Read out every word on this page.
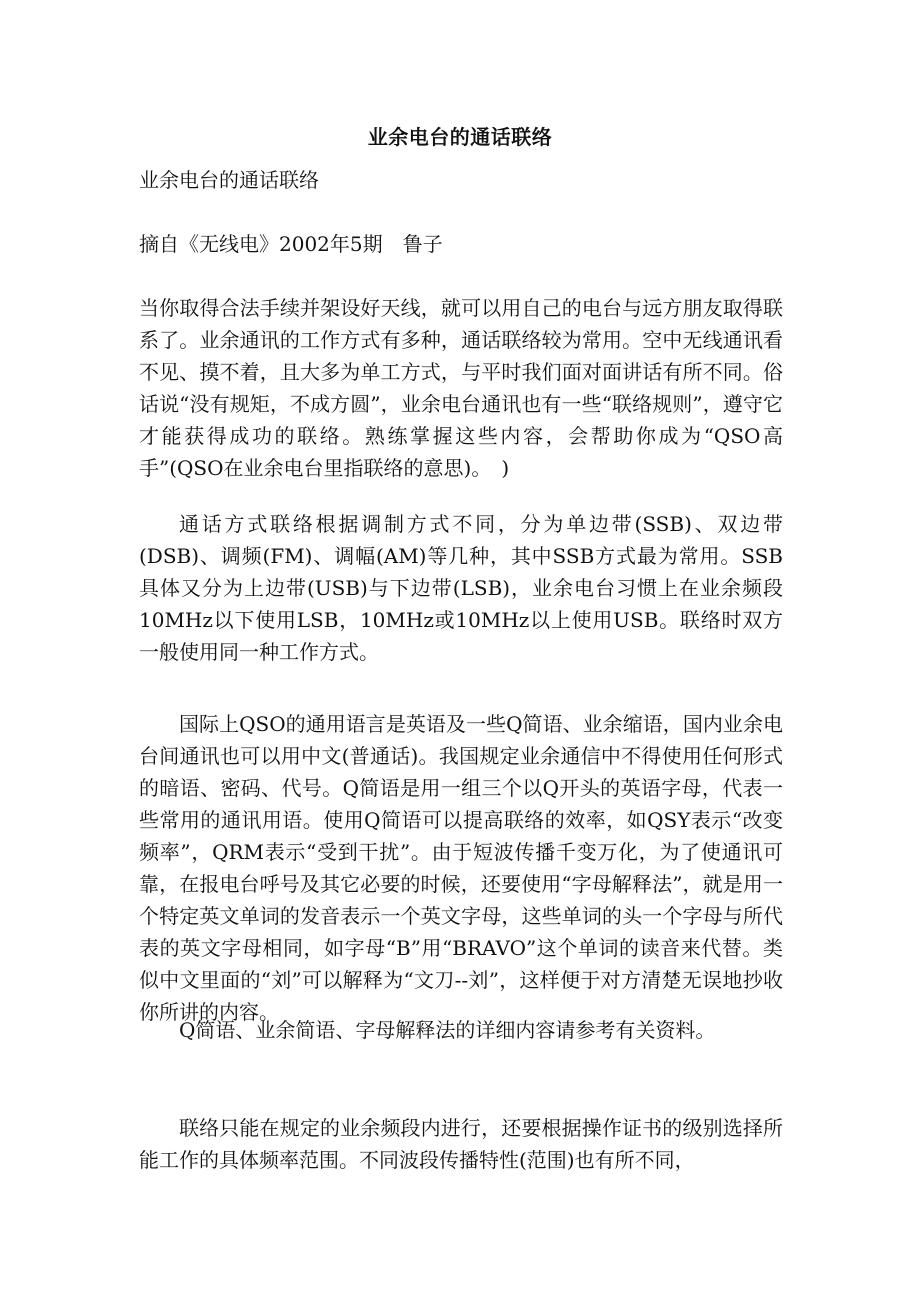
业余电台的通话联络
业余电台的通话联络
摘自《无线电》2002年5期　鲁子
当你取得合法手续并架设好天线，就可以用自己的电台与远方朋友取得联系了。业余通讯的工作方式有多种，通话联络较为常用。空中无线通讯看不见、摸不着，且大多为单工方式，与平时我们面对面讲话有所不同。俗话说“没有规矩，不成方圆”，业余电台通讯也有一些“联络规则”，遵守它才能获得成功的联络。熟练掌握这些内容，会帮助你成为“QSO高手”(QSO在业余电台里指联络的意思)。　)
通话方式联络根据调制方式不同，分为单边带(SSB)、双边带(DSB)、调频(FM)、调幅(AM)等几种，其中SSB方式最为常用。SSB具体又分为上边带(USB)与下边带(LSB)，业余电台习惯上在业余频段10MHz以下使用LSB，10MHz或10MHz以上使用USB。联络时双方一般使用同一种工作方式。
国际上QSO的通用语言是英语及一些Q简语、业余缩语，国内业余电台间通讯也可以用中文(普通话)。我国规定业余通信中不得使用任何形式的暗语、密码、代号。Q简语是用一组三个以Q开头的英语字母，代表一些常用的通讯用语。使用Q简语可以提高联络的效率，如QSY表示“改变频率”，QRM表示“受到干扰”。由于短波传播千变万化，为了使通讯可靠，在报电台呼号及其它必要的时候，还要使用“字母解释法”，就是用一个特定英文单词的发音表示一个英文字母，这些单词的头一个字母与所代表的英文字母相同，如字母“B”用“BRAVO”这个单词的读音来代替。类似中文里面的“刘”可以解释为“文刀--刘”，这样便于对方清楚无误地抄收你所讲的内容。
Q简语、业余简语、字母解释法的详细内容请参考有关资料。
联络只能在规定的业余频段内进行，还要根据操作证书的级别选择所能工作的具体频率范围。不同波段传播特性(范围)也有所不同，
